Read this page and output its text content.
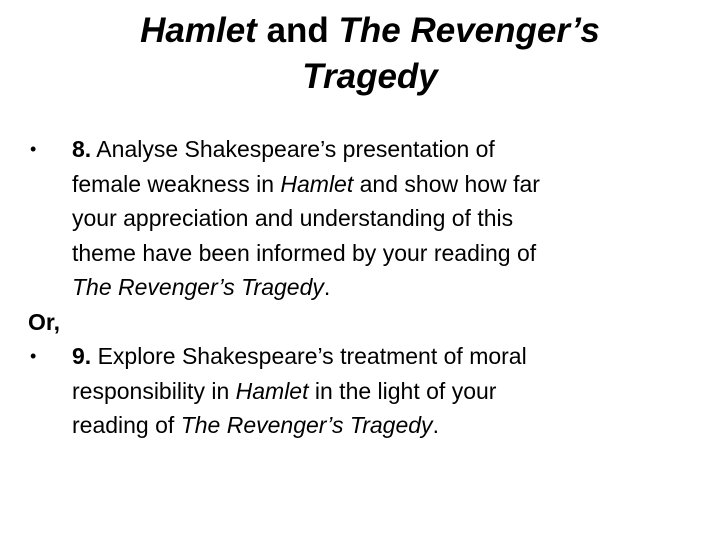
Hamlet and The Revenger’s
Tragedy
• 8. Analyse Shakespeare’s presentation of
female weakness in Hamlet and show how far
your appreciation and understanding of this
theme have been informed by your reading of
The Revenger’s Tragedy.

Or,

• 9. Explore Shakespeare’s treatment of moral
responsibility in Hamlet in the light of your
reading of The Revenger’s Tragedy.
